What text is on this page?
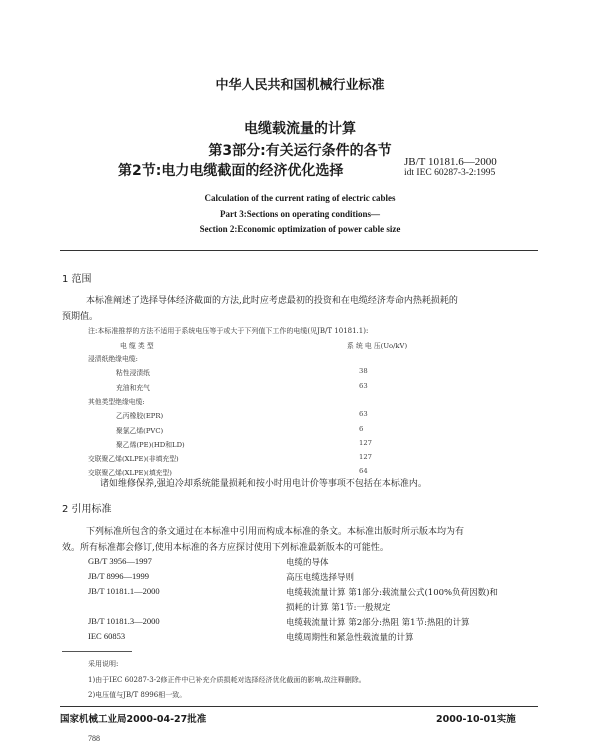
中华人民共和国机械行业标准
电缆载流量的计算
第3部分:有关运行条件的各节
第2节:电力电缆截面的经济优化选择
JB/T 10181.6—2000
idt IEC 60287-3-2:1995
Calculation of the current rating of electric cables
Part 3:Sections on operating conditions—
Section 2:Economic optimization of power cable size
1 范围
本标准阐述了选择导体经济截面的方法,此时应考虑最初的投资和在电缆经济寿命内热耗损耗的
预期值。
注:本标准推荐的方法不适用于系统电压等于或大于下列值下工作的电缆(见JB/T 10181.1):
电 缆 类 型	系 统 电 压(Uo/kV)
浸渍纸绝缘电缆:
粘性浸渍纸	38
充油和充气	63
其他类型绝缘电缆:
乙丙橡胶(EPR)	63
聚氯乙烯(PVC)	6
聚乙烯(PE)(HD和LD)	127
交联聚乙烯(XLPE)(非填充型)	127
交联聚乙烯(XLPE)(填充型)	64
诸如维修保养,强迫冷却系统能量损耗和按小时用电计价等事项不包括在本标准内。
2 引用标准
下列标准所包含的条文通过在本标准中引用而构成本标准的条文。本标准出版时所示版本均为有
效。所有标准都会修订,使用本标准的各方应探讨使用下列标准最新版本的可能性。
GB/T 3956—1997	电缆的导体
JB/T 8996—1999	高压电缆选择导则
JB/T 10181.1—2000	电缆载流量计算 第1部分:载流量公式(100%负荷因数)和
损耗的计算 第1节:一般规定
JB/T 10181.3—2000	电缆载流量计算 第2部分:热阻 第1节:热阻的计算
IEC 60853	电缆周期性和紧急性载流量的计算
采用说明:
1)由于IEC 60287-3-2修正件中已补充介质损耗对选择经济优化截面的影响,故注释删除。
2)电压值与JB/T 8996相一致。
国家机械工业局2000-04-27批准	2000-10-01实施
788
